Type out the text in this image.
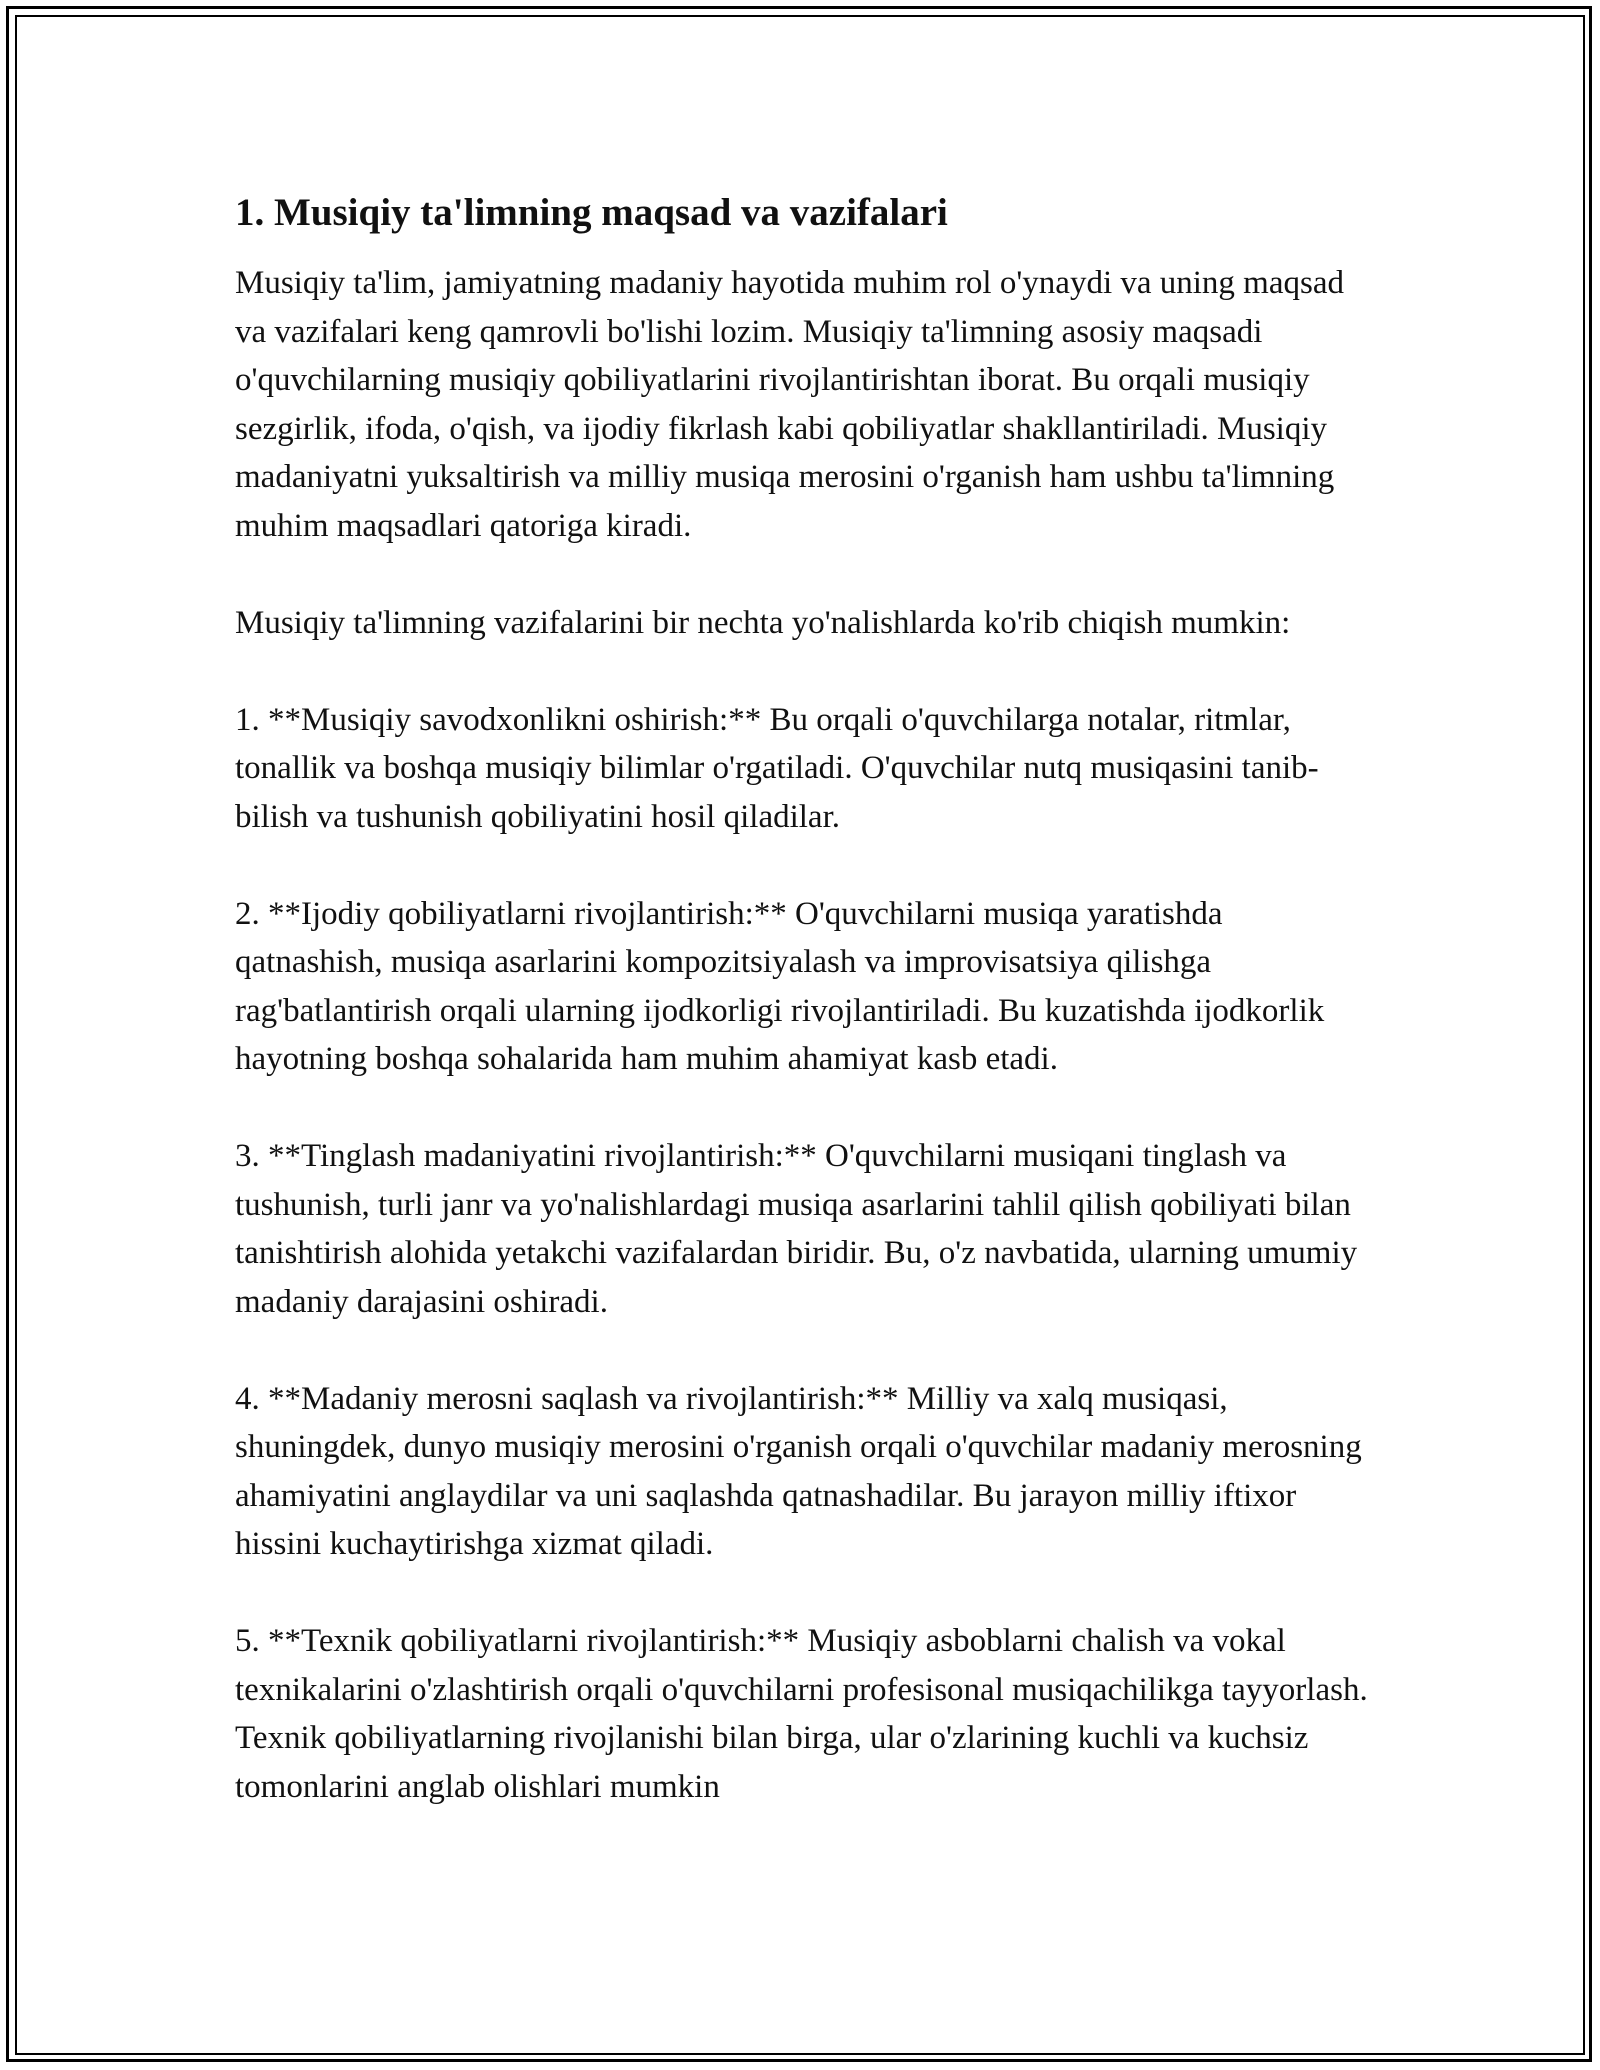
1. Musiqiy ta'limning maqsad va vazifalari

Musiqiy ta'lim, jamiyatning madaniy hayotida muhim rol o'ynaydi va uning maqsad va vazifalari keng qamrovli bo'lishi lozim. Musiqiy ta'limning asosiy maqsadi o'quvchilarning musiqiy qobiliyatlarini rivojlantirishtan iborat. Bu orqali musiqiy sezgirlik, ifoda, o'qish, va ijodiy fikrlash kabi qobiliyatlar shakllantiriladi. Musiqiy madaniyatni yuksaltirish va milliy musiqa merosini o'rganish ham ushbu ta'limning muhim maqsadlari qatoriga kiradi.

Musiqiy ta'limning vazifalarini bir nechta yo'nalishlarda ko'rib chiqish mumkin:

1. **Musiqiy savodxonlikni oshirish:** Bu orqali o'quvchilarga notalar, ritmlar, tonallik va boshqa musiqiy bilimlar o'rgatiladi. O'quvchilar nutq musiqasini tanib-bilish va tushunish qobiliyatini hosil qiladilar.

2. **Ijodiy qobiliyatlarni rivojlantirish:** O'quvchilarni musiqa yaratishda qatnashish, musiqa asarlarini kompozitsiyalash va improvisatsiya qilishga rag'batlantirish orqali ularning ijodkorligi rivojlantiriladi. Bu kuzatishda ijodkorlik hayotning boshqa sohalarida ham muhim ahamiyat kasb etadi.

3. **Tinglash madaniyatini rivojlantirish:** O'quvchilarni musiqani tinglash va tushunish, turli janr va yo'nalishlardagi musiqa asarlarini tahlil qilish qobiliyati bilan tanishtirish alohida yetakchi vazifalardan biridir. Bu, o'z navbatida, ularning umumiy madaniy darajasini oshiradi.

4. **Madaniy merosni saqlash va rivojlantirish:** Milliy va xalq musiqasi, shuningdek, dunyo musiqiy merosini o'rganish orqali o'quvchilar madaniy merosning ahamiyatini anglaydilar va uni saqlashda qatnashadilar. Bu jarayon milliy iftixor hissini kuchaytirishga xizmat qiladi.

5. **Texnik qobiliyatlarni rivojlantirish:** Musiqiy asboblarni chalish va vokal texnikalarini o'zlashtirish orqali o'quvchilarni profesisonal musiqachilikga tayyorlash. Texnik qobiliyatlarning rivojlanishi bilan birga, ular o'zlarining kuchli va kuchsiz tomonlarini anglab olishlari mumkin
